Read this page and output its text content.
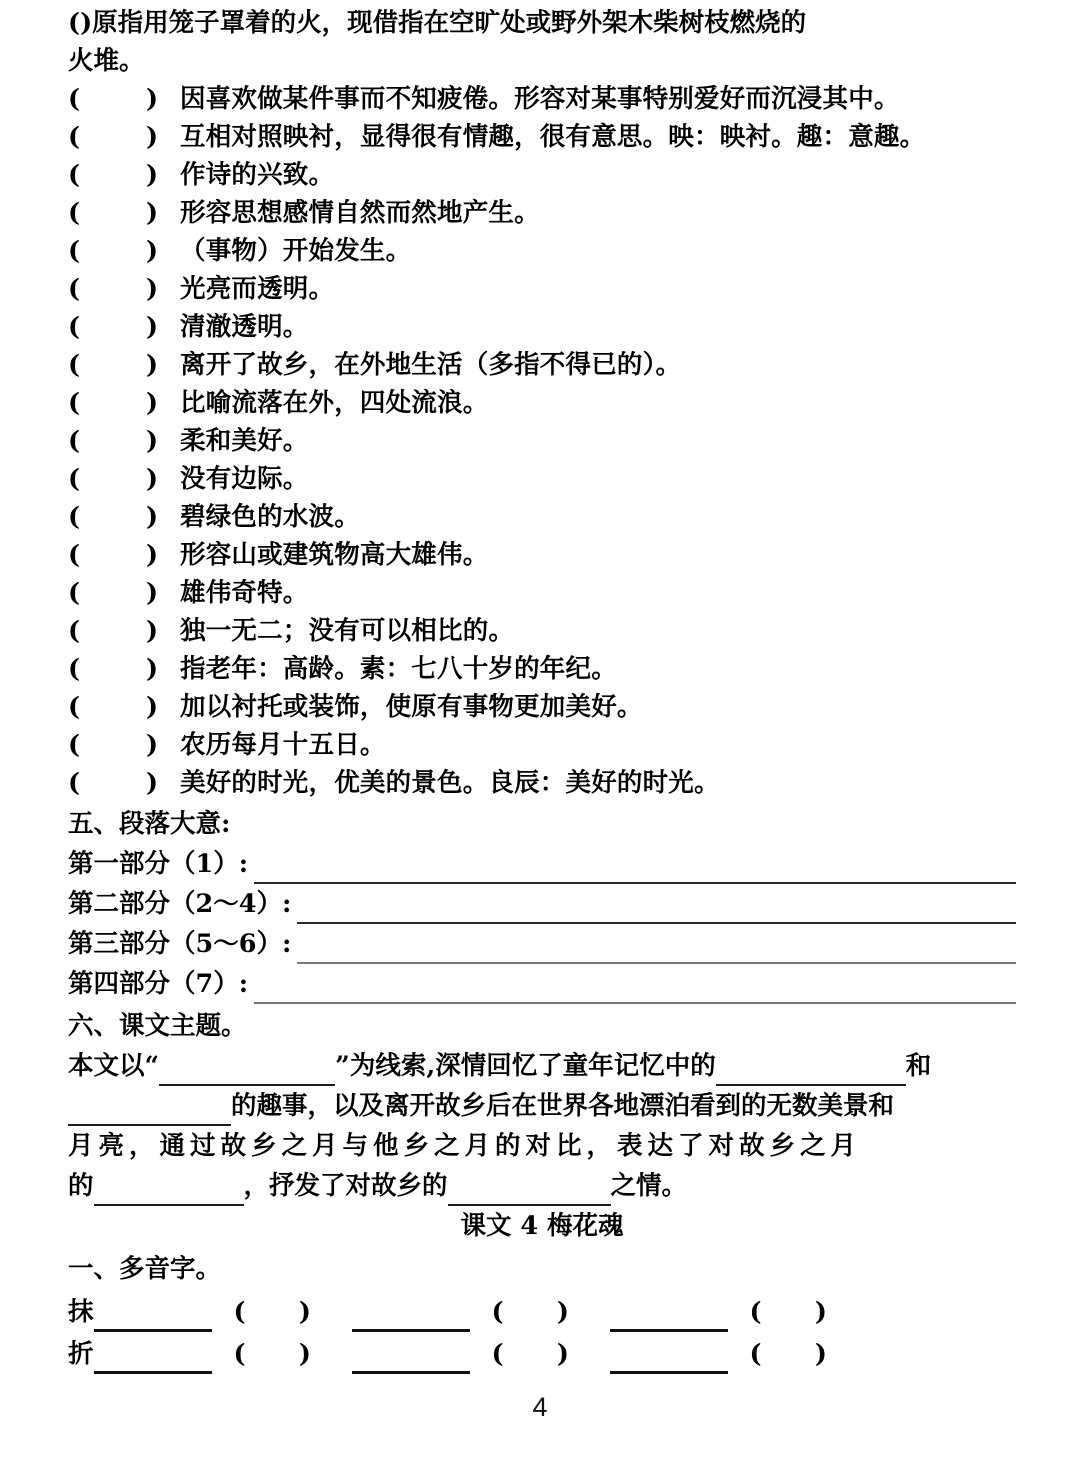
()原指用笼子罩着的火，现借指在空旷处或野外架木柴树枝燃烧的
火堆。
(	) 因喜欢做某件事而不知疲倦。形容对某事特别爱好而沉浸其中。
(	) 互相对照映衬，显得很有情趣，很有意思。映：映衬。趣：意趣。
(	) 作诗的兴致。
(	) 形容思想感情自然而然地产生。
(	) （事物）开始发生。
(	) 光亮而透明。
(	) 清澈透明。
(	) 离开了故乡，在外地生活（多指不得已的）。
(	) 比喻流落在外，四处流浪。
(	) 柔和美好。
(	) 没有边际。
(	) 碧绿色的水波。
(	) 形容山或建筑物高大雄伟。
(	) 雄伟奇特。
(	) 独一无二；没有可以相比的。
(	) 指老年：高龄。素：七八十岁的年纪。
(	) 加以衬托或装饰，使原有事物更加美好。
(	) 农历每月十五日。
(	) 美好的时光，优美的景色。良辰：美好的时光。
五、段落大意:
第一部分（1）:
第二部分（2～4）:
第三部分（5～6）:
第四部分（7）:
六、课文主题。
本文以“	”为线索,深情回忆了童年记忆中的	和
的趣事，以及离开故乡后在世界各地漂泊看到的无数美景和
月亮，通过故乡之月与他乡之月的对比，表达了对故乡之月
的	，抒发了对故乡的	之情。
课文 4 梅花魂
一、多音字。
抹	(      )	(      )	(      )
折	(      )	(      )	(      )
4
